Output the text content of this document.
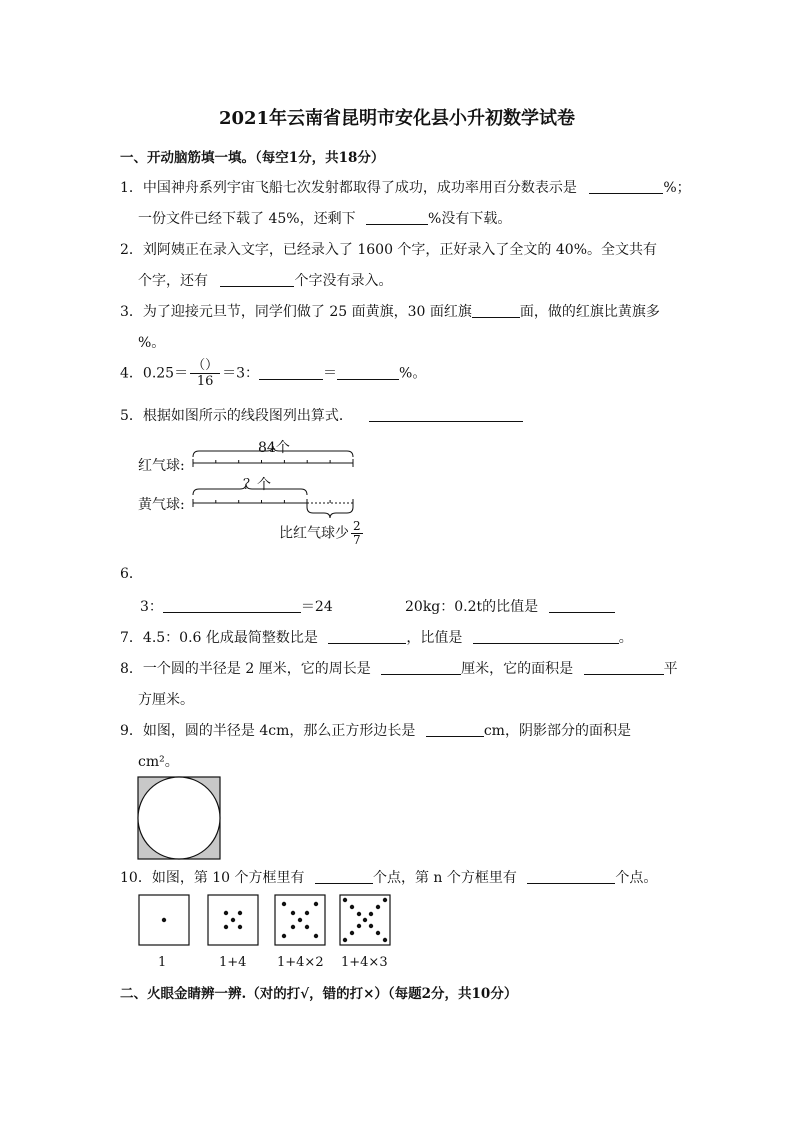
2021年云南省昆明市安化县小升初数学试卷
一、开动脑筋填一填。（每空1分，共18分）
1．中国神舟系列宇宙飞船七次发射都取得了成功，成功率用百分数表示是	%；
一份文件已经下载了 45%，还剩下	%没有下载。
2．刘阿姨正在录入文字，已经录入了 1600 个字，正好录入了全文的 40%。全文共有
个字，还有	个字没有录入。
3．为了迎接元旦节，同学们做了 25 面黄旗，30 面红旗	面，做的红旗比黄旗多
%。
4．$0.25= \frac{()}{16} =3$：	＝	%。
5．根据如图所示的线段图列出算式．
红气球:
84个
黄气球:
？个
比红气球少 $\frac{2}{7}$
6．
3：	＝24	20kg：0.2t的比值是
7．4.5：0.6 化成最简整数比是	，比值是	。
8．一个圆的半径是 2 厘米，它的周长是	厘米，它的面积是	平
方厘米。
9．如图，圆的半径是 4cm，那么正方形边长是	cm，阴影部分的面积是
cm²。
10．如图，第 10 个方框里有	个点，第 n 个方框里有	个点。
1	1+4 1+4×2 1+4×3
二、火眼金睛辨一辨.（对的打√，错的打×）（每题2分，共10分）
